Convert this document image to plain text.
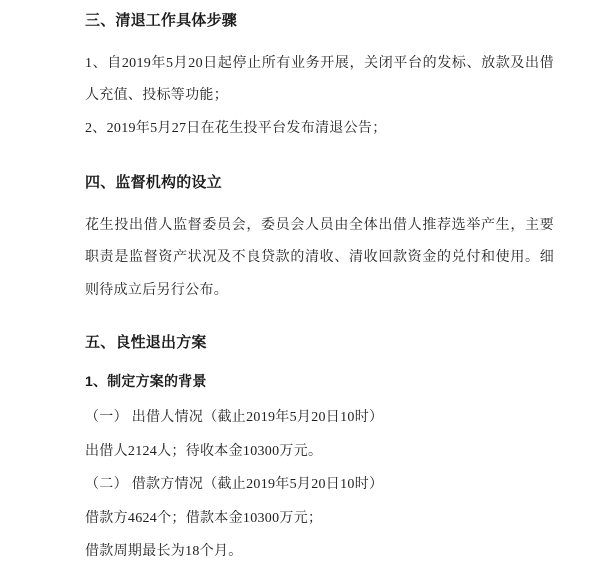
三、清退工作具体步骤

1、自2019年5月20日起停止所有业务开展，关闭平台的发标、放款及出借人充值、投标等功能；

2、2019年5月27日在花生投平台发布清退公告；

四、监督机构的设立

花生投出借人监督委员会，委员会人员由全体出借人推荐选举产生，主要职责是监督资产状况及不良贷款的清收、清收回款资金的兑付和使用。细则待成立后另行公布。

五、良性退出方案
1、制定方案的背景

（一） 出借人情况（截止2019年5月20日10时）

出借人2124人；待收本金10300万元。

（二） 借款方情况（截止2019年5月20日10时）

借款方4624个；借款本金10300万元；

借款周期最长为18个月。
